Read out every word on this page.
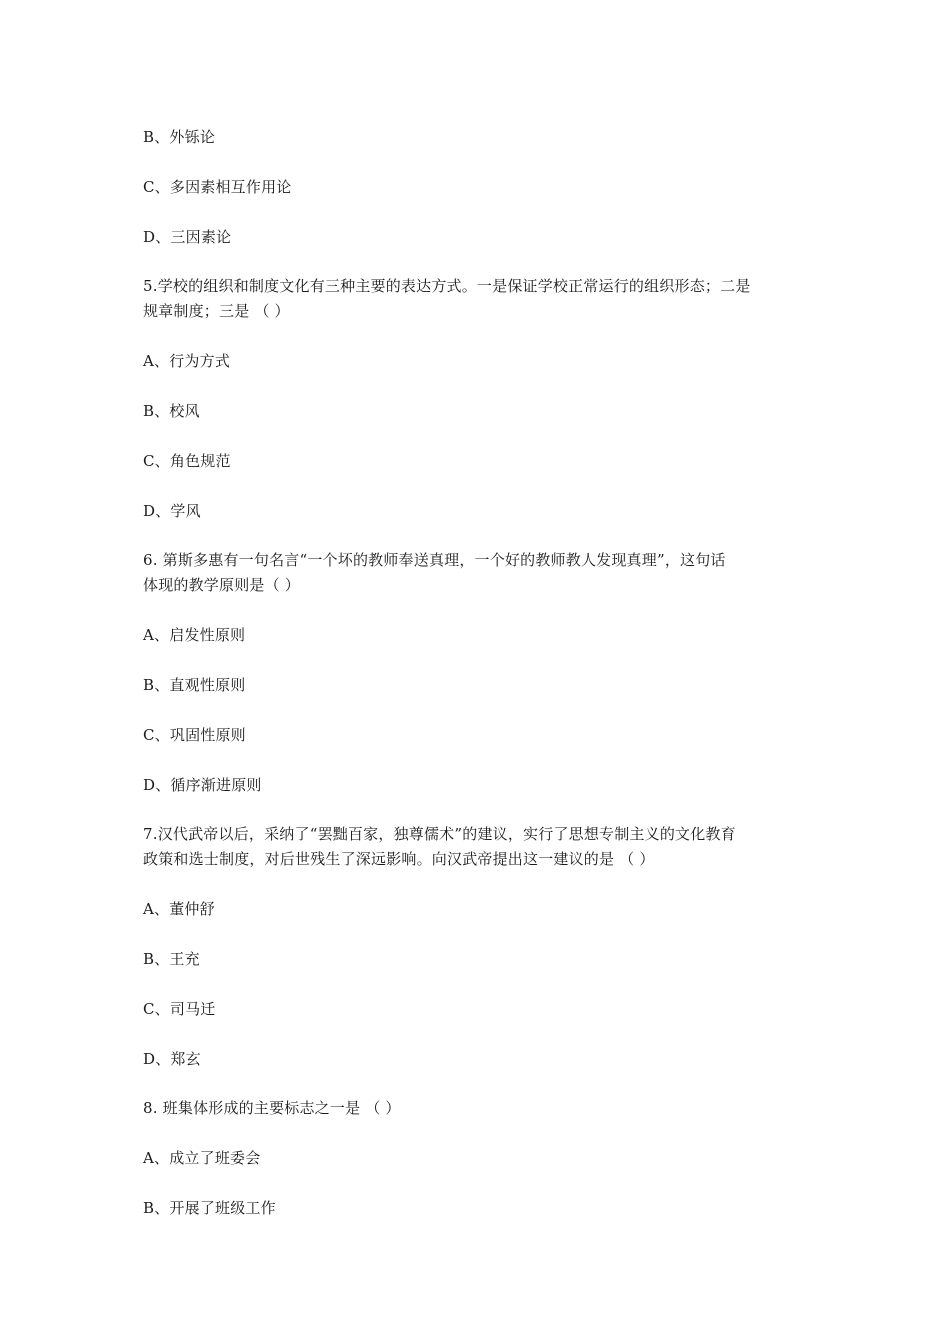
B、外铄论
C、多因素相互作用论
D、三因素论
5.学校的组织和制度文化有三种主要的表达方式。一是保证学校正常运行的组织形态；二是
规章制度；三是 （ ）
A、行为方式
B、校风
C、角色规范
D、学风
6. 第斯多惠有一句名言“一个坏的教师奉送真理，一个好的教师教人发现真理”，这句话
体现的教学原则是（ ）
A、启发性原则
B、直观性原则
C、巩固性原则
D、循序渐进原则
7.汉代武帝以后，采纳了“罢黜百家，独尊儒术”的建议，实行了思想专制主义的文化教育
政策和选士制度，对后世残生了深远影响。向汉武帝提出这一建议的是 （ ）
A、董仲舒
B、王充
C、司马迁
D、郑玄
8. 班集体形成的主要标志之一是 （ ）
A、成立了班委会
B、开展了班级工作
